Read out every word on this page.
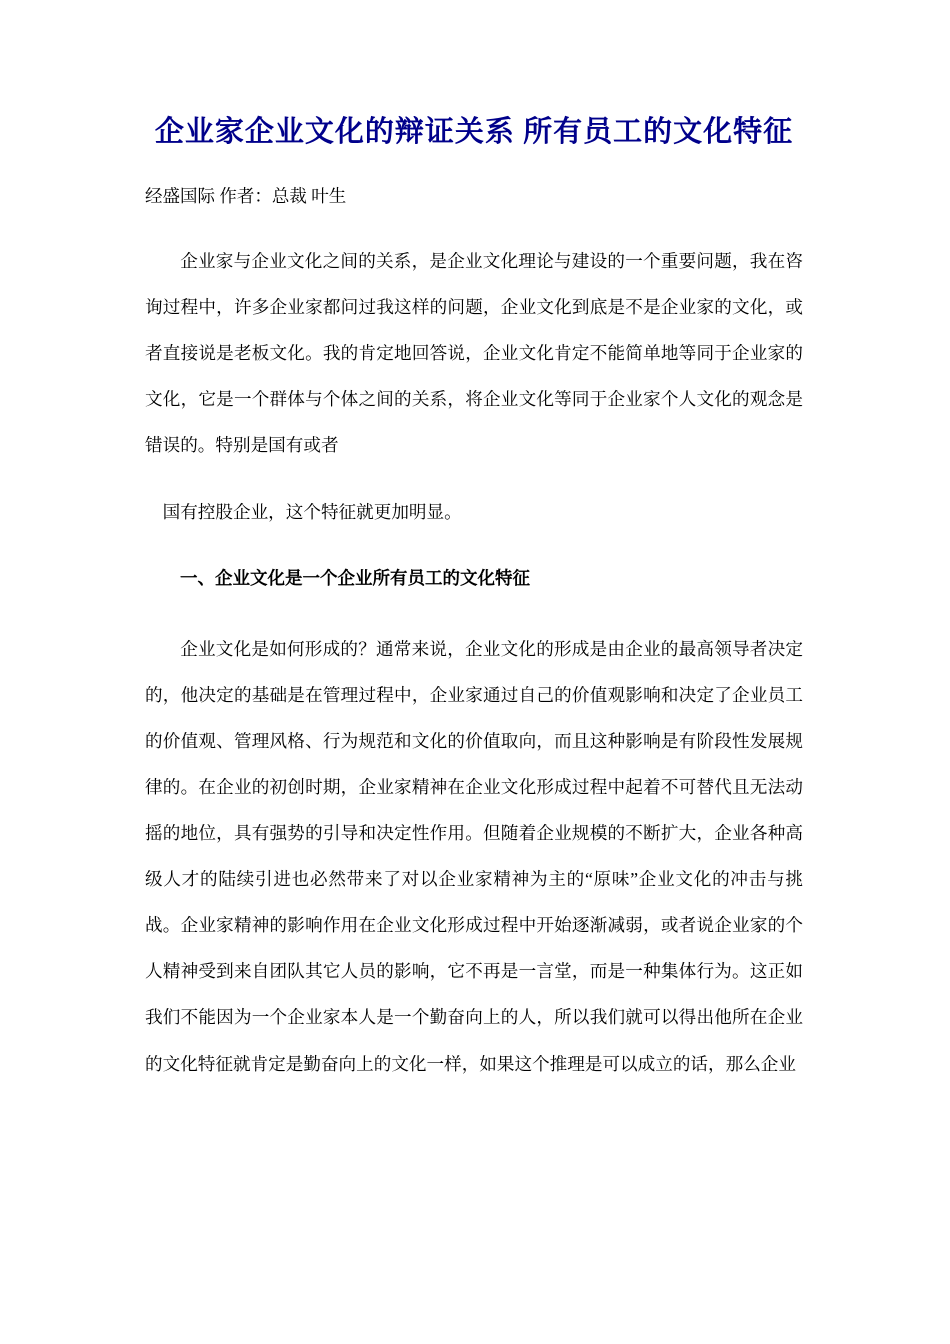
企业家企业文化的辩证关系 所有员工的文化特征

经盛国际 作者：总裁 叶生

企业家与企业文化之间的关系，是企业文化理论与建设的一个重要问题，我在咨询过程中，许多企业家都问过我这样的问题，企业文化到底是不是企业家的文化，或者直接说是老板文化。我的肯定地回答说，企业文化肯定不能简单地等同于企业家的文化，它是一个群体与个体之间的关系，将企业文化等同于企业家个人文化的观念是错误的。特别是国有或者

国有控股企业，这个特征就更加明显。

一、企业文化是一个企业所有员工的文化特征

企业文化是如何形成的？通常来说，企业文化的形成是由企业的最高领导者决定的，他决定的基础是在管理过程中，企业家通过自己的价值观影响和决定了企业员工的价值观、管理风格、行为规范和文化的价值取向，而且这种影响是有阶段性发展规律的。在企业的初创时期，企业家精神在企业文化形成过程中起着不可替代且无法动摇的地位，具有强势的引导和决定性作用。但随着企业规模的不断扩大，企业各种高级人才的陆续引进也必然带来了对以企业家精神为主的“原味”企业文化的冲击与挑战。企业家精神的影响作用在企业文化形成过程中开始逐渐减弱，或者说企业家的个人精神受到来自团队其它人员的影响，它不再是一言堂，而是一种集体行为。这正如我们不能因为一个企业家本人是一个勤奋向上的人，所以我们就可以得出他所在企业的文化特征就肯定是勤奋向上的文化一样，如果这个推理是可以成立的话，那么企业
